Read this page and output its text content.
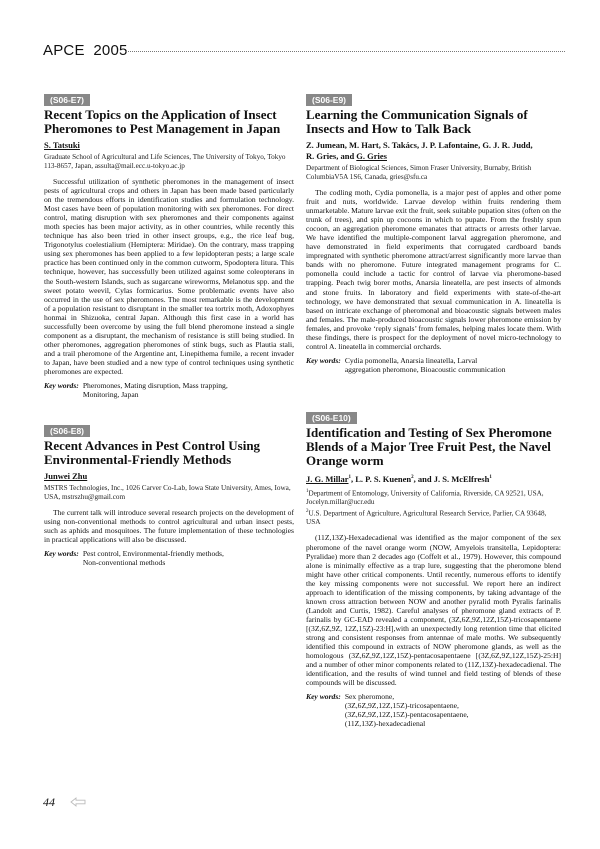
APCE  2005
(S06-E7)
Recent Topics on the Application of Insect Pheromones to Pest Management in Japan
S. Tatsuki
Graduate School of Agricultural and Life Sciences, The University of Tokyo, Tokyo 113-8657, Japan, assulta@mail.ecc.u-tokyo.ac.jp

Successful utilization of synthetic pheromones in the management of insect pests of agricultural crops and others in Japan has been made based particularly on the tremendous efforts in identification studies and formulation technology. Most cases have been of population monitoring with sex pheromones. For direct control, mating disruption with sex pheromones and their components against moth species has been major activity, as in other countries, while recently this technique has also been tried in other insect groups, e.g., the rice leaf bug, Trigonotylus coelestialium (Hemiptera: Miridae). On the contrary, mass trapping using sex pheromones has been applied to a few lepidopteran pests; a large scale practice has been continued only in the common cutworm, Spodoptera litura. This technique, however, has successfully been utilized against some coleopterans in the South-western Islands, such as sugarcane wireworms, Melanotus spp. and the sweet potato weevil, Cylas formicarius. Some problematic events have also occurred in the use of sex pheromones. The most remarkable is the development of a population resistant to disruptant in the smaller tea tortrix moth, Adoxophyes honmai in Shizuoka, central Japan. Although this first case in a world has successfully been overcome by using the full blend pheromone instead a single component as a disruptant, the mechanism of resistance is still being studied. In other pheromones, aggregation pheromones of stink bugs, such as Plautia stali, and a trail pheromone of the Argentine ant, Linepithema fumile, a recent invader to Japan, have been studied and a new type of control techniques using synthetic pheromones are expected.

Key words: Pheromones, Mating disruption, Mass trapping,
Monitoring, Japan
(S06-E8)
Recent Advances in Pest Control Using Environmental-Friendly Methods
Junwei Zhu
MSTRS Technologies, Inc., 1026 Carver Co-Lab, Iowa State University, Ames, Iowa, USA, mstrszhu@gmail.com

The current talk will introduce several research projects on the development of using non-conventional methods to control agricultural and urban insect pests, such as aphids and mosquitoes. The future implementation of these technologies in practical applications will also be discussed.

Key words: Pest control, Environmental-friendly methods,
Non-conventional methods
(S06-E9)
Learning the Communication Signals of Insects and How to Talk Back
Z. Jumean, M. Hart, S. Takács, J. P. Lafontaine, G. J. R. Judd,
R. Gries, and G. Gries
Department of Biological Sciences, Simon Fraser University, Burnaby, British ColumbiaV5A 1S6, Canada, gries@sfu.ca

The codling moth, Cydia pomonella, is a major pest of apples and other pome fruit and nuts, worldwide. Larvae develop within fruits rendering them unmarketable. Mature larvae exit the fruit, seek suitable pupation sites (often on the trunk of trees), and spin up cocoons in which to pupate. From the freshly spun cocoon, an aggregation pheromone emanates that attracts or arrests other larvae. We have identified the multiple-component larval aggregation pheromone, and have demonstrated in field experiments that corrugated cardboard bands impregnated with synthetic pheromone attract/arrest significantly more larvae than bands with no pheromone. Future integrated management programs for C. pomonella could include a tactic for control of larvae via pheromone-based trapping. Peach twig borer moths, Anarsia lineatella, are pest insects of almonds and stone fruits. In laboratory and field experiments with state-of-the-art technology, we have demonstrated that sexual communication in A. lineatella is based on intricate exchange of pheromonal and bioacoustic signals between males and females. The male-produced bioacoustic signals lower pheromone emission by females, and provoke ‘reply signals’ from females, helping males locate them. With these findings, there is prospect for the deployment of novel micro-technology to control A. lineatella in commercial orchards.

Key words: Cydia pomonella, Anarsia lineatella, Larval
aggregation pheromone, Bioacoustic communication
(S06-E10)
Identification and Testing of Sex Pheromone Blends of a Major Tree Fruit Pest, the Navel Orange worm
J. G. Millar$^1$, L. P. S. Kuenen$^2$, and J. S. McElfresh$^1$
$^1$Department of Entomology, University of California, Riverside, CA 92521, USA, Jocelyn.millar@ucr.edu
$^2$U.S. Department of Agriculture, Agricultural Research Service, Parlier, CA 93648, USA

(11Z,13Z)-Hexadecadienal was identified as the major component of the sex pheromone of the navel orange worm (NOW, Amyelois transitella, Lepidoptera: Pyralidae) more than 2 decades ago (Coffelt et al., 1979). However, this compound alone is minimally effective as a trap lure, suggesting that the pheromone blend might have other critical components. Until recently, numerous efforts to identify the key missing components were not successful. We report here an indirect approach to identification of the missing components, by taking advantage of the known cross attraction between NOW and another pyralid moth Pyralis farinalis (Landolt and Curtis, 1982). Careful analyses of pheromone gland extracts of P. farinalis by GC-EAD revealed a component, (3Z,6Z,9Z,12Z,15Z)-tricosapentaene [(3Z,6Z,9Z, 12Z,15Z)-23:H],with an unexpectedly long retention time that elicited strong and consistent responses from antennae of male moths. We subsequently identified this compound in extracts of NOW pheromone glands, as well as the homologous (3Z,6Z,9Z,12Z,15Z)-pentacosapentaene [(3Z,6Z,9Z,12Z,15Z)-25:H] and a number of other minor components related to (11Z,13Z)-hexadecadienal. The identification, and the results of wind tunnel and field testing of blends of these compounds will be discussed.

Key words: Sex pheromone,
(3Z,6Z,9Z,12Z,15Z)-tricosapentaene,
(3Z,6Z,9Z,12Z,15Z)-pentacosapentaene,
(11Z,13Z)-hexadecadienal
44
